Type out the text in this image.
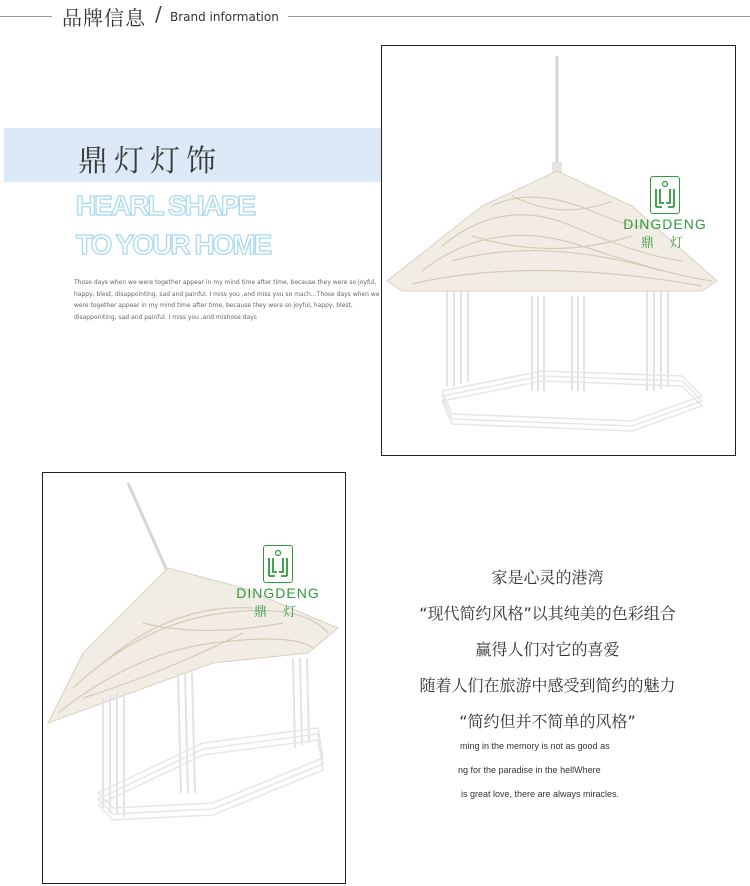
品牌信息 / Brand information
鼎灯灯饰
HEARL SHAPE
TO YOUR HOME
Those days when we were together appear in my mind time after time, because they were so joyful, happy, blest, disappointing, sad and painful. I miss you ,and miss you so mach…Those days when we were together appear in my mind time after time, because they were so joyful, happy, blest, disappointing, sad and painful. I miss you ,and mishose days
DINGDENG
鼎 灯
DINGDENG
鼎 灯
家是心灵的港湾
“现代简约风格”以其纯美的色彩组合
赢得人们对它的喜爱
随着人们在旅游中感受到简约的魅力
“简约但并不简单的风格”
ming in the memory is not as good as
ng for the paradise in the hellWhere
is great love, there are always miracles.
